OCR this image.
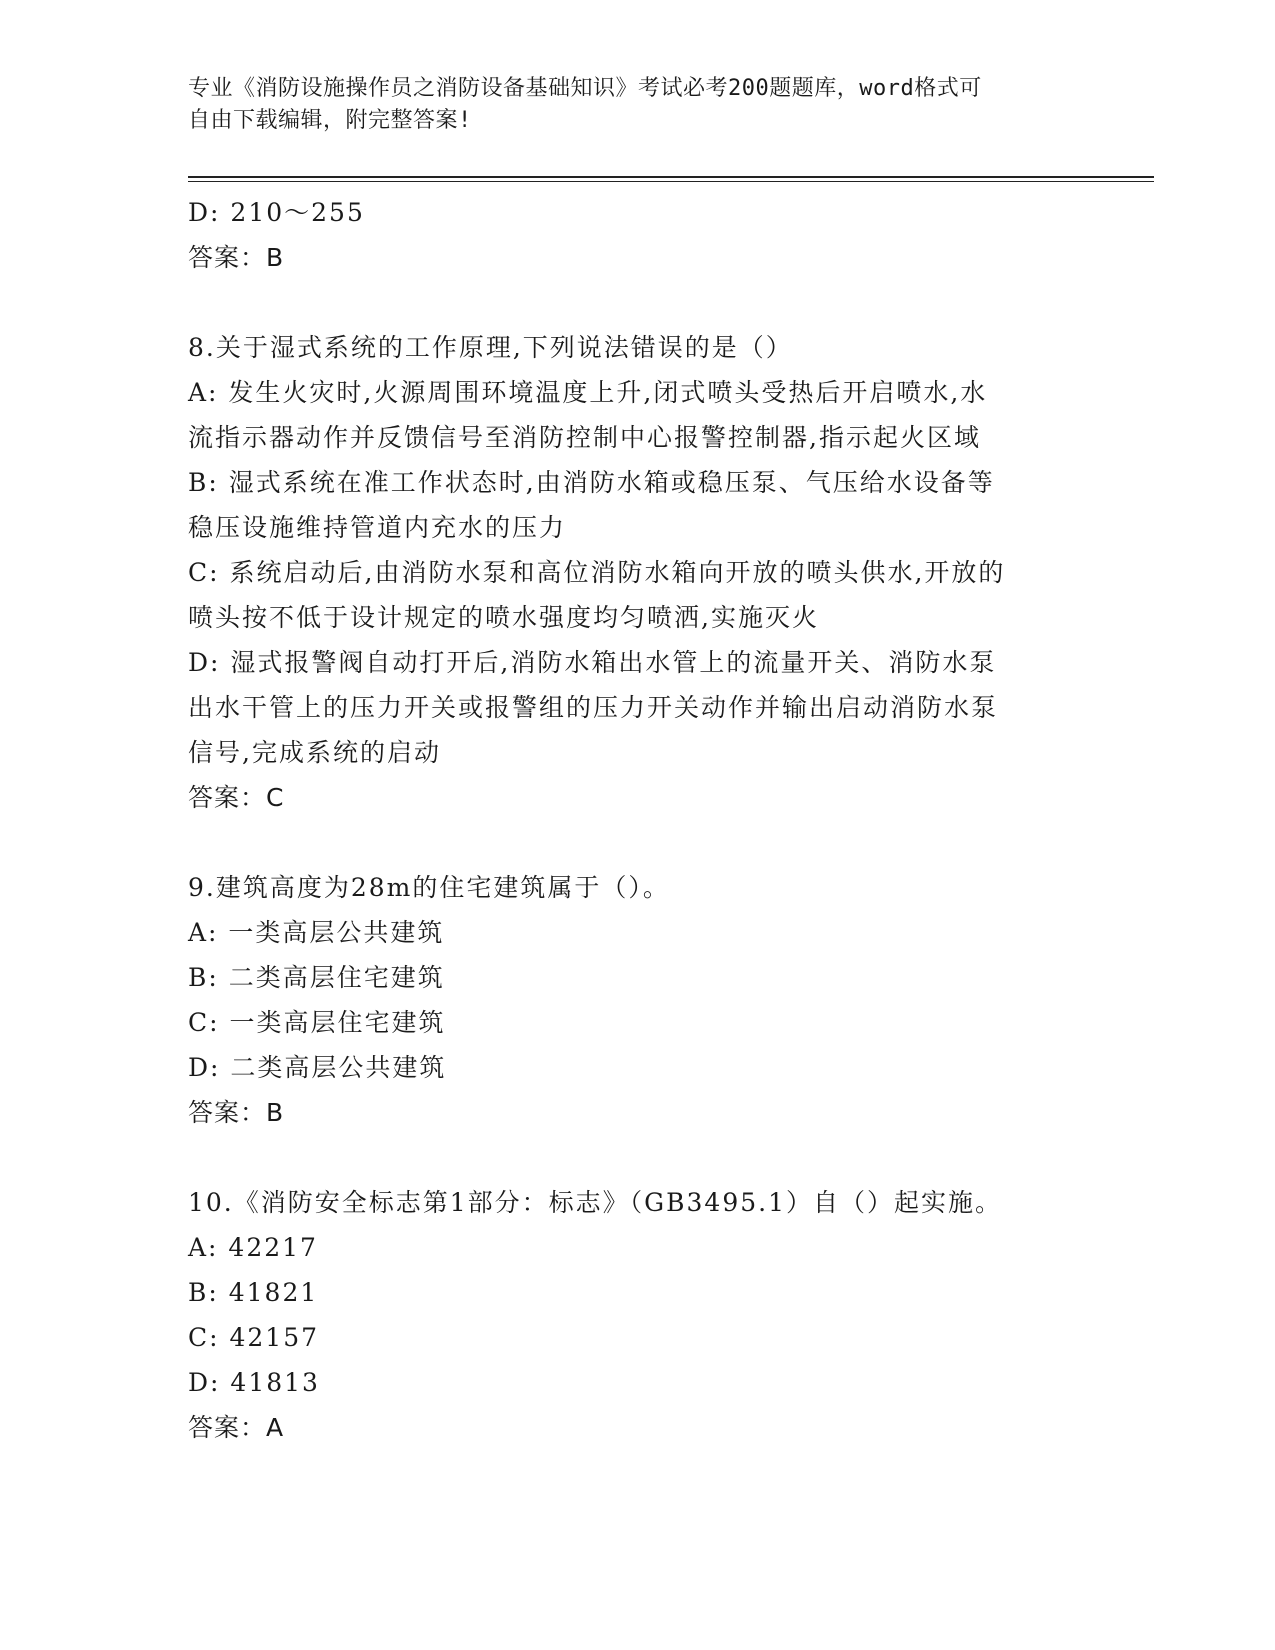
专业《消防设施操作员之消防设备基础知识》考试必考200题题库，word格式可
自由下载编辑，附完整答案!
D: 210～255
答案：B
8.关于湿式系统的工作原理,下列说法错误的是（）
A: 发生火灾时,火源周围环境温度上升,闭式喷头受热后开启喷水,水
流指示器动作并反馈信号至消防控制中心报警控制器,指示起火区域
B: 湿式系统在准工作状态时,由消防水箱或稳压泵、气压给水设备等
稳压设施维持管道内充水的压力
C: 系统启动后,由消防水泵和高位消防水箱向开放的喷头供水,开放的
喷头按不低于设计规定的喷水强度均匀喷洒,实施灭火
D: 湿式报警阀自动打开后,消防水箱出水管上的流量开关、消防水泵
出水干管上的压力开关或报警组的压力开关动作并输出启动消防水泵
信号,完成系统的启动
答案：C
9.建筑高度为28m的住宅建筑属于（）。
A: 一类高层公共建筑
B: 二类高层住宅建筑
C: 一类高层住宅建筑
D: 二类高层公共建筑
答案：B
10.《消防安全标志第1部分：标志》（GB3495.1）自（）起实施。
A: 42217
B: 41821
C: 42157
D: 41813
答案：A
